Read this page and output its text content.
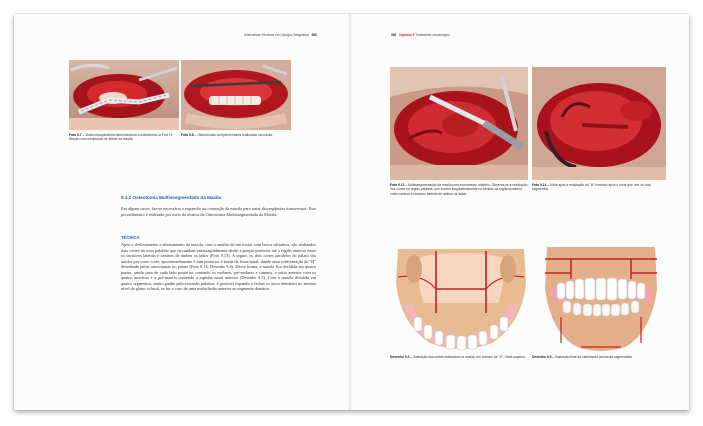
Alternativas Técnicas em Cirurgia Ortognática 000
Foto 9.7 – Vista intraoperatória demonstrando a osteotomia Le Fort I e fixação com miniplacas de titânio na maxila.
Foto 9.8 – Osteotomias complementares realizadas na maxila.
9.3.2 Osteotomia Multissegmentada da Maxila
Em alguns casos, faz-se necessária a expansão ou contração da maxila para tratar discrepâncias transversais. Este procedimento é realizado por meio da técnica da Osteotomia Multissegmentada da Maxila.
TÉCNICA
Após o deslocamento e abaixamento da maxila, com o auxílio de um motor com broca cilíndrica, são realizados dois cortes no osso palatino que circundam parassagitalmente desde a porção posterior até a região anterior entre os incisivos laterais e caninos de ambos os lados (Foto 9.13). A seguir, os dois cortes paralelos do palato são unidos por outro corte, aproximadamente 5 mm posterior à borda da fossa nasal, dando uma conformação de "H" desenhado pelas osteotomias no palato (Foto 9.14; Desenho 9.4). Dessa forma, a maxila fica dividida em quatro partes, sendo uma de cada lado posterior contendo os molares, pré-molares e caninos, e outra anterior com os quatro incisivos e a pré-maxila contendo a espinha nasal anterior (Desenho 9.5). Com a maxila dividida em quatro segmentos, muito ganho pela extensão palatina, é possível expandir e fechar os arcos dentários no mesmo nível do plano oclusal, se for o caso de uma maloclusão anterior ao segmento dentário.
000 Capítulo 9 Tratamento ortocirúrgico
Foto 9.13 – Multissegmentação da maxila com instrumento rotatório. Observa-se a realização dos cortes na região palatina, que correm longitudinalmente no sentido da região posterior entre caninos e incisivos laterais de ambos os lados.
Foto 9.14 – Vista após a realização do "H" formado após o corte que une os dois segmentos.
Desenho 9.4 – Ilustração dos cortes realizados na maxila, em formato de "H". Vista superior.	Desenho 9.5 – Ilustração final da osteotomia da maxila segmentada.
